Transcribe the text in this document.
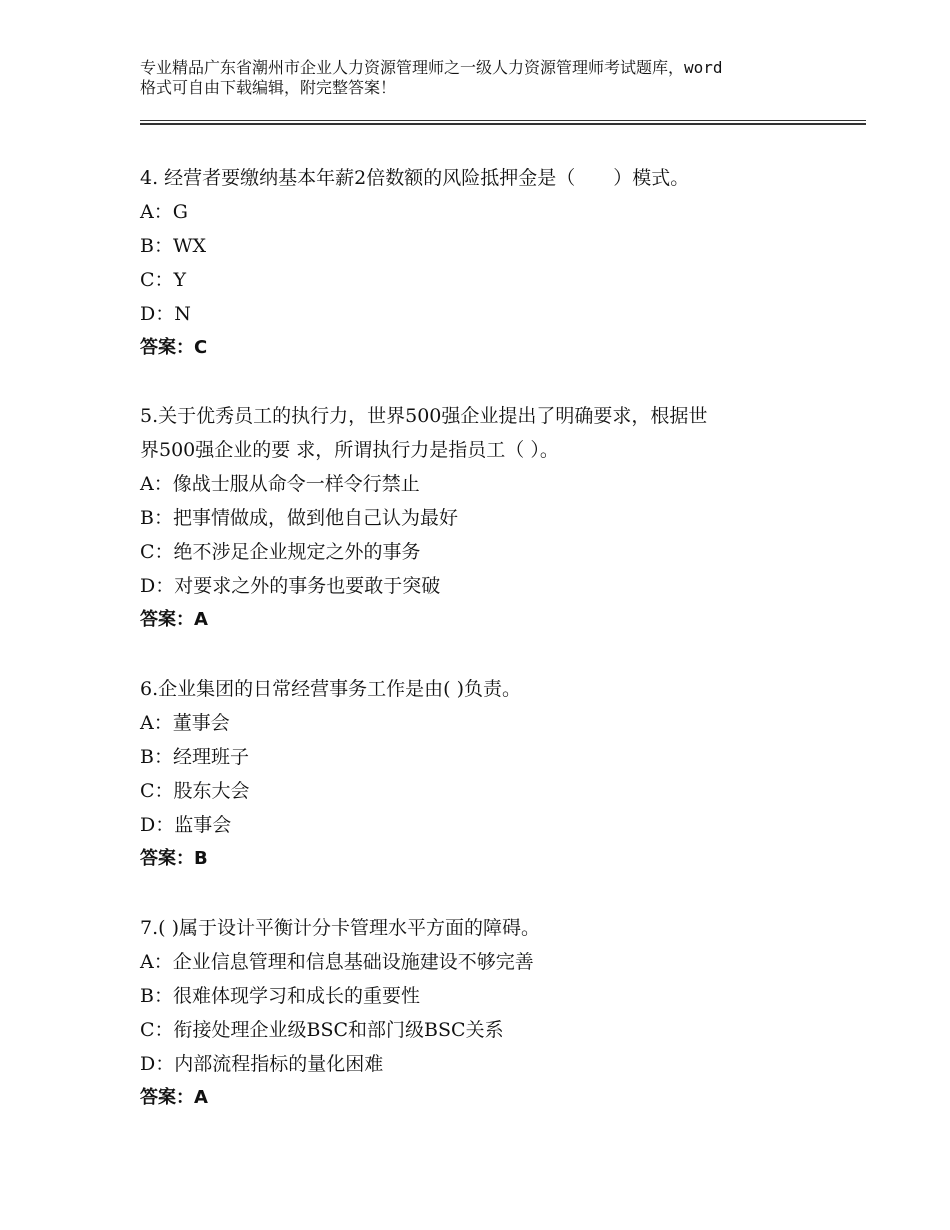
专业精品广东省潮州市企业人力资源管理师之一级人力资源管理师考试题库，word
格式可自由下载编辑，附完整答案！
4. 经营者要缴纳基本年薪2倍数额的风险抵押金是（　　）模式。
A：G
B：WX
C：Y
D：N
答案：C
5.关于优秀员工的执行力，世界500强企业提出了明确要求，根据世
界500强企业的要 求，所谓执行力是指员工（ ）。
A：像战士服从命令一样令行禁止
B：把事情做成，做到他自己认为最好
C：绝不涉足企业规定之外的事务
D：对要求之外的事务也要敢于突破
答案：A
6.企业集团的日常经营事务工作是由( )负责。
A：董事会
B：经理班子
C：股东大会
D：监事会
答案：B
7.( )属于设计平衡计分卡管理水平方面的障碍。
A：企业信息管理和信息基础设施建设不够完善
B：很难体现学习和成长的重要性
C：衔接处理企业级BSC和部门级BSC关系
D：内部流程指标的量化困难
答案：A
